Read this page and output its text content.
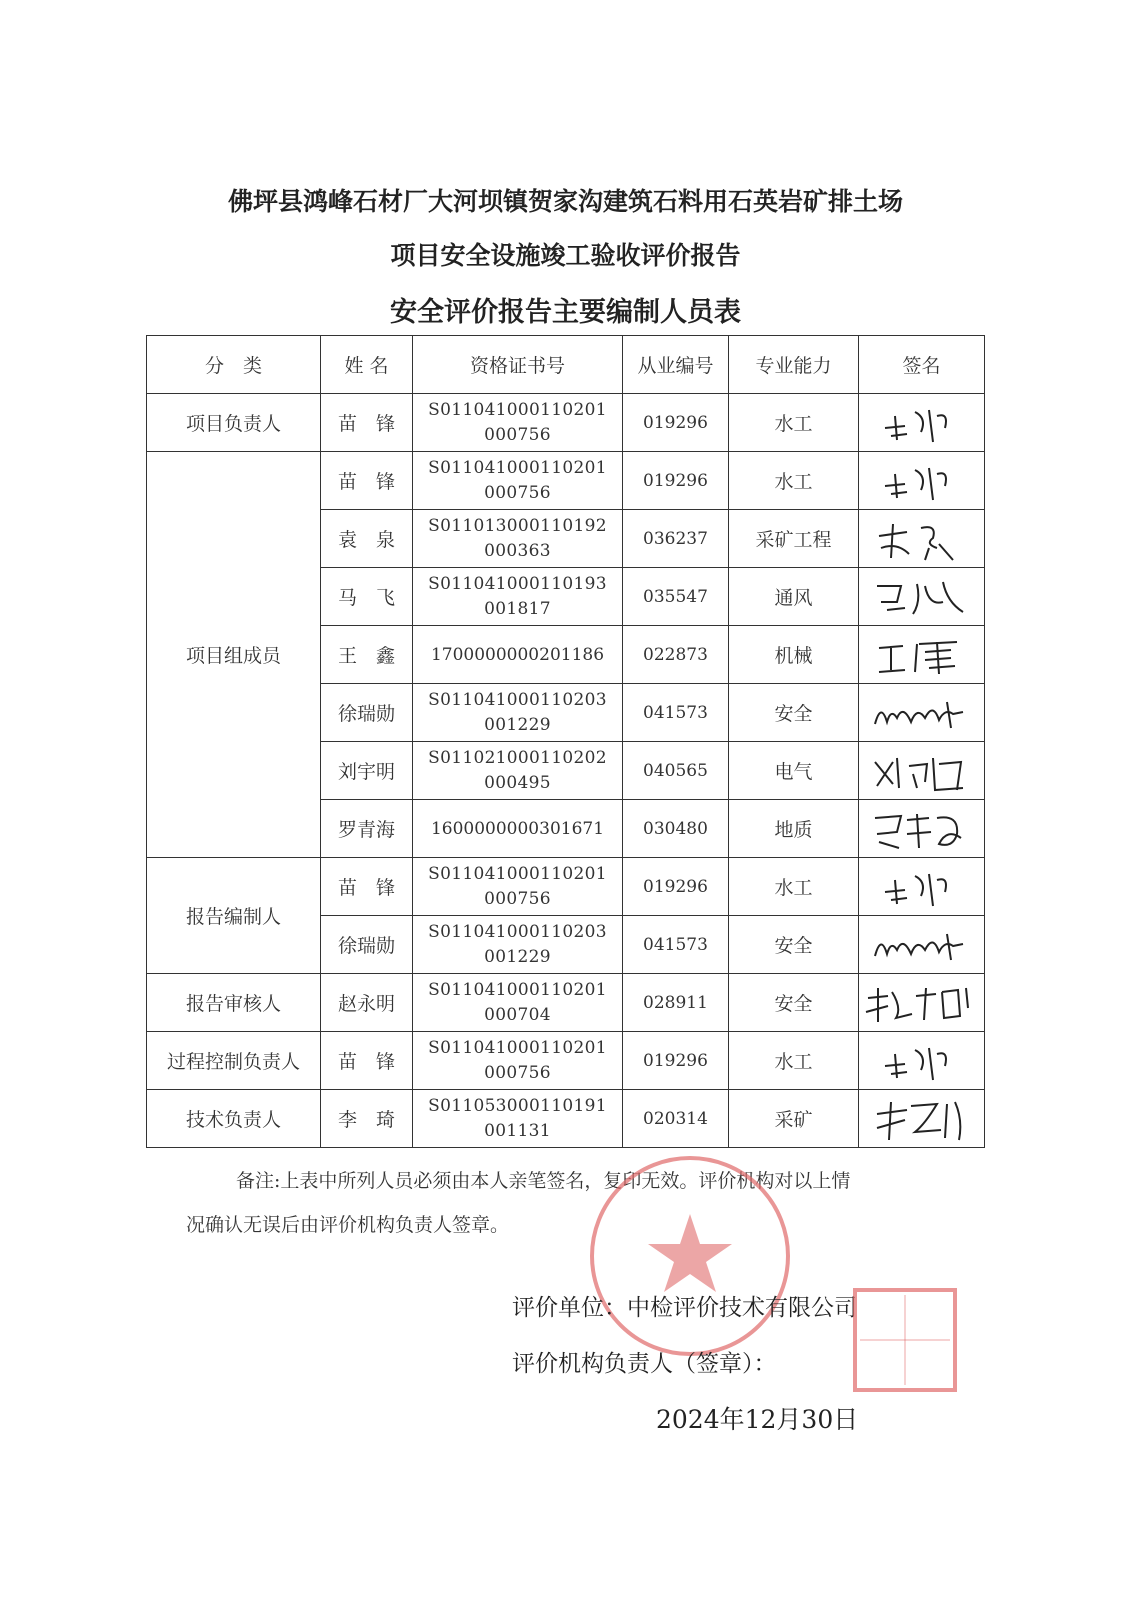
佛坪县鸿峰石材厂大河坝镇贺家沟建筑石料用石英岩矿排土场
项目安全设施竣工验收评价报告
安全评价报告主要编制人员表
分　类	姓 名	资格证书号	从业编号	专业能力	签名
项目负责人	苗　锋	S011041000110201
000756	019296	水工	

项目组成员	苗　锋	S011041000110201
000756	019296	水工	

	袁　泉	S011013000110192
000363	036237	采矿工程	

	马　飞	S011041000110193
001817	035547	通风	

	王　鑫	1700000000201186	022873	机械	

	徐瑞勋	S011041000110203
001229	041573	安全	

	刘宇明	S011021000110202
000495	040565	电气	

	罗青海	1600000000301671	030480	地质	

报告编制人	苗　锋	S011041000110201
000756	019296	水工	

	徐瑞勋	S011041000110203
001229	041573	安全	

报告审核人	赵永明	S011041000110201
000704	028911	安全	

过程控制负责人	苗　锋	S011041000110201
000756	019296	水工	

技术负责人	李　琦	S011053000110191
001131	020314	采矿	
备注:上表中所列人员必须由本人亲笔签名，复印无效。评价机构对以上情
况确认无误后由评价机构负责人签章。
评价单位：中检评价技术有限公司
评价机构负责人（签章）：
2024年12月30日
